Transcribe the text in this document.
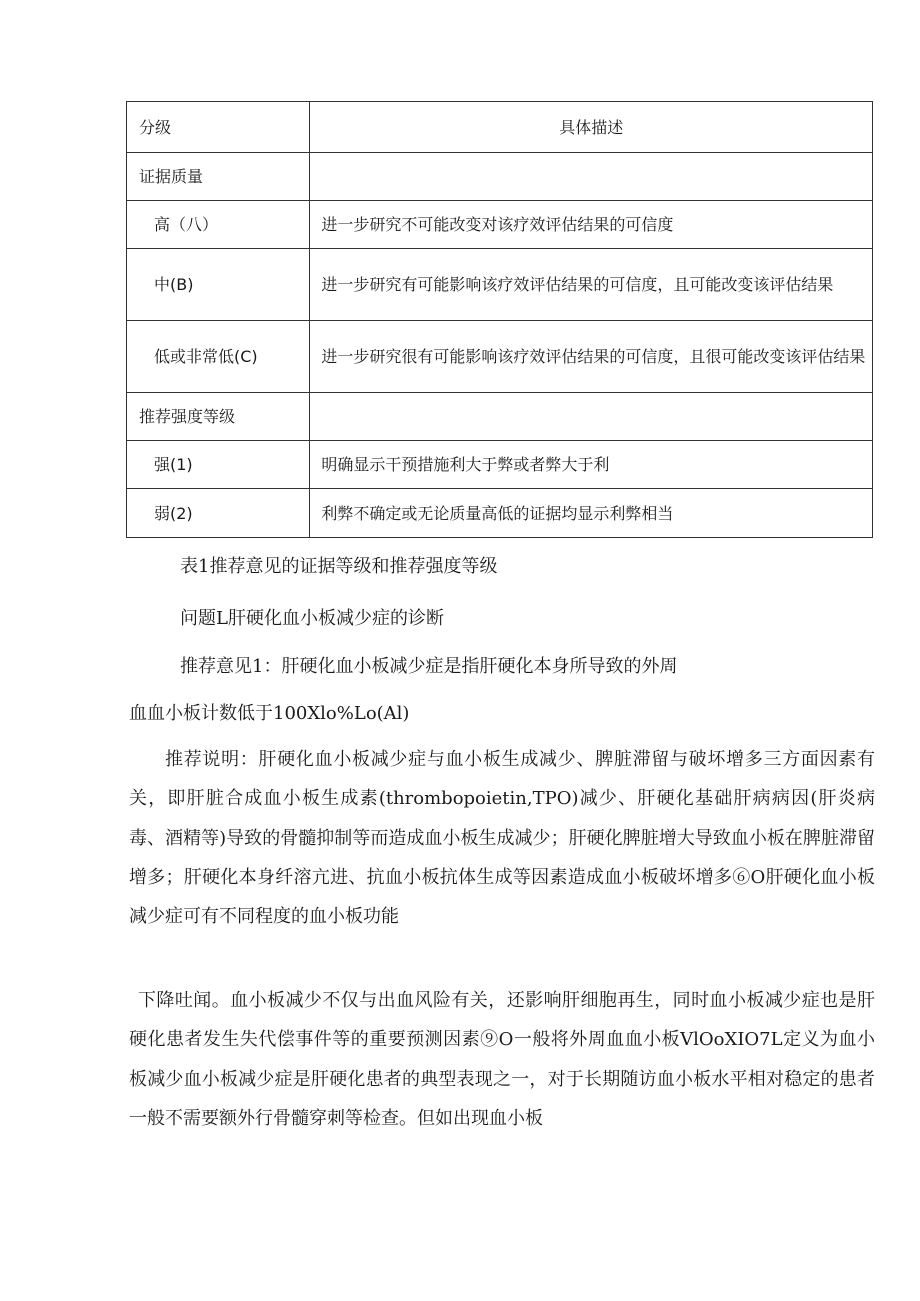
分级	具体描述
证据质量	
高（八）	进一步研究不可能改变对该疗效评估结果的可信度
中(B)	进一步研究有可能影响该疗效评估结果的可信度，且可能改变该评估结果
低或非常低(C)	进一步研究很有可能影响该疗效评估结果的可信度，且很可能改变该评估结果
推荐强度等级	
强(1)	明确显示干预措施利大于弊或者弊大于利
弱(2)	利弊不确定或无论质量高低的证据均显示利弊相当

表1推荐意见的证据等级和推荐强度等级

问题L肝硬化血小板减少症的诊断

推荐意见1：肝硬化血小板减少症是指肝硬化本身所导致的外周

血血小板计数低于100Xlo%Lo(Al)

推荐说明：肝硬化血小板减少症与血小板生成减少、脾脏滞留与破坏增多三方面因素有关，即肝脏合成血小板生成素(thrombopoietin,TPO)减少、肝硬化基础肝病病因(肝炎病毒、酒精等)导致的骨髓抑制等而造成血小板生成减少；肝硬化脾脏增大导致血小板在脾脏滞留增多；肝硬化本身纤溶亢进、抗血小板抗体生成等因素造成血小板破坏增多⑥O肝硬化血小板减少症可有不同程度的血小板功能

下降吐闻。血小板减少不仅与出血风险有关，还影响肝细胞再生，同时血小板减少症也是肝硬化患者发生失代偿事件等的重要预测因素⑨O一般将外周血血小板VlOoXIO7L定义为血小板减少血小板减少症是肝硬化患者的典型表现之一，对于长期随访血小板水平相对稳定的患者一般不需要额外行骨髓穿刺等检查。但如出现血小板
